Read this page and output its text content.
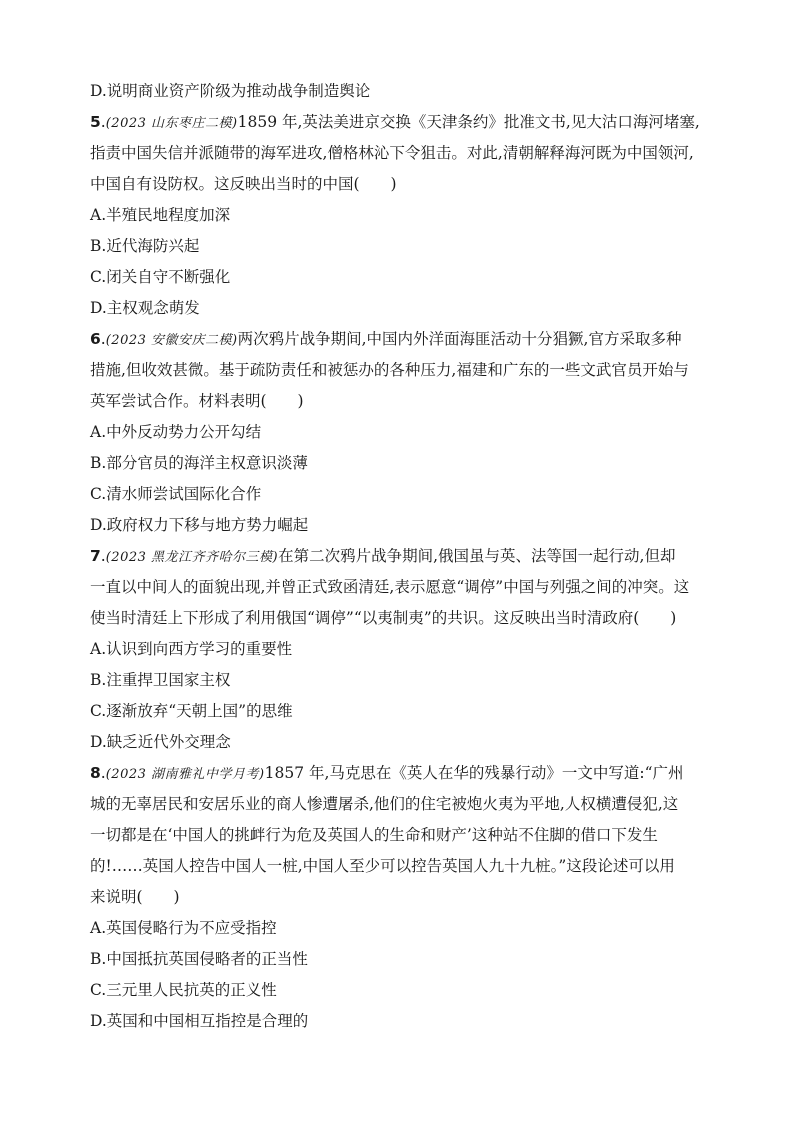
D.说明商业资产阶级为推动战争制造舆论
5.(2023 山东枣庄二模)1859 年,英法美进京交换《天津条约》批准文书,见大沽口海河堵塞,
指责中国失信并派随带的海军进攻,僧格林沁下令狙击。对此,清朝解释海河既为中国领河,
中国自有设防权。这反映出当时的中国(　　)
A.半殖民地程度加深
B.近代海防兴起
C.闭关自守不断强化
D.主权观念萌发
6.(2023 安徽安庆二模)两次鸦片战争期间,中国内外洋面海匪活动十分猖獗,官方采取多种
措施,但收效甚微。基于疏防责任和被惩办的各种压力,福建和广东的一些文武官员开始与
英军尝试合作。材料表明(　　)
A.中外反动势力公开勾结
B.部分官员的海洋主权意识淡薄
C.清水师尝试国际化合作
D.政府权力下移与地方势力崛起
7.(2023 黑龙江齐齐哈尔三模)在第二次鸦片战争期间,俄国虽与英、法等国一起行动,但却
一直以中间人的面貌出现,并曾正式致函清廷,表示愿意“调停”中国与列强之间的冲突。这
使当时清廷上下形成了利用俄国“调停”“以夷制夷”的共识。这反映出当时清政府(　　)
A.认识到向西方学习的重要性
B.注重捍卫国家主权
C.逐渐放弃“天朝上国”的思维
D.缺乏近代外交理念
8.(2023 湖南雅礼中学月考)1857 年,马克思在《英人在华的残暴行动》一文中写道:“广州
城的无辜居民和安居乐业的商人惨遭屠杀,他们的住宅被炮火夷为平地,人权横遭侵犯,这
一切都是在‘中国人的挑衅行为危及英国人的生命和财产’这种站不住脚的借口下发生
的!……英国人控告中国人一桩,中国人至少可以控告英国人九十九桩。”这段论述可以用
来说明(　　)
A.英国侵略行为不应受指控
B.中国抵抗英国侵略者的正当性
C.三元里人民抗英的正义性
D.英国和中国相互指控是合理的
